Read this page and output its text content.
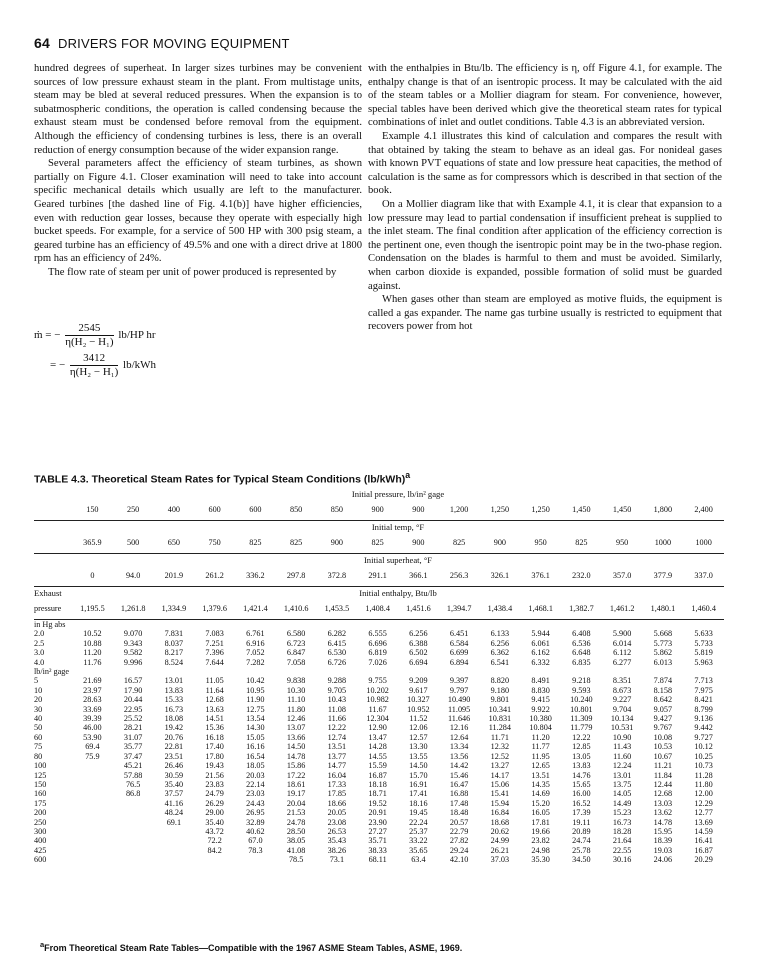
64 DRIVERS FOR MOVING EQUIPMENT

hundred degrees of superheat. In larger sizes turbines may be convenient sources of low pressure exhaust steam in the plant. From multistage units, steam may be bled at several reduced pressures. When the expansion is to subatmospheric conditions, the operation is called condensing because the exhaust steam must be condensed before removal from the equipment. Although the efficiency of condensing turbines is less, there is an overall reduction of energy consumption because of the wider expansion range.

Several parameters affect the efficiency of steam turbines, as shown partially on Figure 4.1. Closer examination will need to take into account specific mechanical details which usually are left to the manufacturer. Geared turbines [the dashed line of Fig. 4.1(b)] have higher efficiencies, even with reduction gear losses, because they operate with especially high bucket speeds. For example, for a service of 500 HP with 300 psig steam, a geared turbine has an efficiency of 49.5% and one with a direct drive at 1800 rpm has an efficiency of 24%.

The flow rate of steam per unit of power produced is represented by

ṁ = − $\frac{2545}{\text{η(H₂ − H₁)}} lb/HP$ hr
= − $\frac{3412}{\text{η(H₂ − H₁)}} lb/kWh$

with the enthalpies in Btu/lb. The efficiency is η, off Figure 4.1, for example. The enthalpy change is that of an isentropic process. It may be calculated with the aid of the steam tables or a Mollier diagram for steam. For convenience, however, special tables have been derived which give the theoretical steam rates for typical combinations of inlet and outlet conditions. Table 4.3 is an abbreviated version.

Example 4.1 illustrates this kind of calculation and compares the result with that obtained by taking the steam to behave as an ideal gas. For nonideal gases with known PVT equations of state and low pressure heat capacities, the method of calculation is the same as for compressors which is described in that section of the book.

On a Mollier diagram like that with Example 4.1, it is clear that expansion to a low pressure may lead to partial condensation if insufficient preheat is supplied to the inlet steam. The final condition after application of the efficiency correction is the pertinent one, even though the isentropic point may be in the two-phase region. Condensation on the blades is harmful to them and must be avoided. Similarly, when carbon dioxide is expanded, possible formation of solid must be guarded against.

When gases other than steam are employed as motive fluids, the equipment is called a gas expander. The name gas turbine usually is restricted to equipment that recovers power from hot

TABLE 4.3. Theoretical Steam Rates for Typical Steam Conditions $(lb/kWh)^a$
	Initial pressure, lb/in² gage															
	150	250	400	600	600	850	850	900	900	1,200	1,250	1,250	1,450	1,450	1,800	2,400

	Initial temp, °F															
	365.9	500	650	750	825	825	900	825	900	825	900	950	825	950	1000	1000

	Initial superheat, °F															
	0	94.0	201.9	261.2	336.2	297.8	372.8	291.1	366.1	256.3	326.1	376.1	232.0	357.0	377.9	337.0

Exhaust	Initial enthalpy, Btu/lb															
pressure	1,195.5	1,261.8	1,334.9	1,379.6	1,421.4	1,410.6	1,453.5	1,408.4	1,451.6	1,394.7	1,438.4	1,468.1	1,382.7	1,461.2	1,480.1	1,460.4

in Hg abs																
2.0	10.52	9.070	7.831	7.083	6.761	6.580	6.282	6.555	6.256	6.451	6.133	5.944	6.408	5.900	5.668	5.633
2.5	10.88	9.343	8.037	7.251	6.916	6.723	6.415	6.696	6.388	6.584	6.256	6.061	6.536	6.014	5.773	5.733
3.0	11.20	9.582	8.217	7.396	7.052	6.847	6.530	6.819	6.502	6.699	6.362	6.162	6.648	6.112	5.862	5.819
4.0	11.76	9.996	8.524	7.644	7.282	7.058	6.726	7.026	6.694	6.894	6.541	6.332	6.835	6.277	6.013	5.963
lb/in² gage																
5	21.69	16.57	13.01	11.05	10.42	9.838	9.288	9.755	9.209	9.397	8.820	8.491	9.218	8.351	7.874	7.713
10	23.97	17.90	13.83	11.64	10.95	10.30	9.705	10.202	9.617	9.797	9.180	8.830	9.593	8.673	8.158	7.975
20	28.63	20.44	15.33	12.68	11.90	11.10	10.43	10.982	10.327	10.490	9.801	9.415	10.240	9.227	8.642	8.421
30	33.69	22.95	16.73	13.63	12.75	11.80	11.08	11.67	10.952	11.095	10.341	9.922	10.801	9.704	9.057	8.799
40	39.39	25.52	18.08	14.51	13.54	12.46	11.66	12.304	11.52	11.646	10.831	10.380	11.309	10.134	9.427	9.136
50	46.00	28.21	19.42	15.36	14.30	13.07	12.22	12.90	12.06	12.16	11.284	10.804	11.779	10.531	9.767	9.442
60	53.90	31.07	20.76	16.18	15.05	13.66	12.74	13.47	12.57	12.64	11.71	11.20	12.22	10.90	10.08	9.727
75	69.4	35.77	22.81	17.40	16.16	14.50	13.51	14.28	13.30	13.34	12.32	11.77	12.85	11.43	10.53	10.12
80	75.9	37.47	23.51	17.80	16.54	14.78	13.77	14.55	13.55	13.56	12.52	11.95	13.05	11.60	10.67	10.25
100		45.21	26.46	19.43	18.05	15.86	14.77	15.59	14.50	14.42	13.27	12.65	13.83	12.24	11.21	10.73
125		57.88	30.59	21.56	20.03	17.22	16.04	16.87	15.70	15.46	14.17	13.51	14.76	13.01	11.84	11.28
150		76.5	35.40	23.83	22.14	18.61	17.33	18.18	16.91	16.47	15.06	14.35	15.65	13.75	12.44	11.80
160		86.8	37.57	24.79	23.03	19.17	17.85	18.71	17.41	16.88	15.41	14.69	16.00	14.05	12.68	12.00
175			41.16	26.29	24.43	20.04	18.66	19.52	18.16	17.48	15.94	15.20	16.52	14.49	13.03	12.29
200			48.24	29.00	26.95	21.53	20.05	20.91	19.45	18.48	16.84	16.05	17.39	15.23	13.62	12.77
250			69.1	35.40	32.89	24.78	23.08	23.90	22.24	20.57	18.68	17.81	19.11	16.73	14.78	13.69
300				43.72	40.62	28.50	26.53	27.27	25.37	22.79	20.62	19.66	20.89	18.28	15.95	14.59
400				72.2	67.0	38.05	35.43	35.71	33.22	27.82	24.99	23.82	24.74	21.64	18.39	16.41
425				84.2	78.3	41.08	38.26	38.33	35.65	29.24	26.21	24.98	25.78	22.55	19.03	16.87
600						78.5	73.1	68.11	63.4	42.10	37.03	35.30	34.50	30.16	24.06	20.29
$^a$From Theoretical Steam Rate Tables—Compatible with the 1967 ASME Steam Tables, ASME, 1969.
